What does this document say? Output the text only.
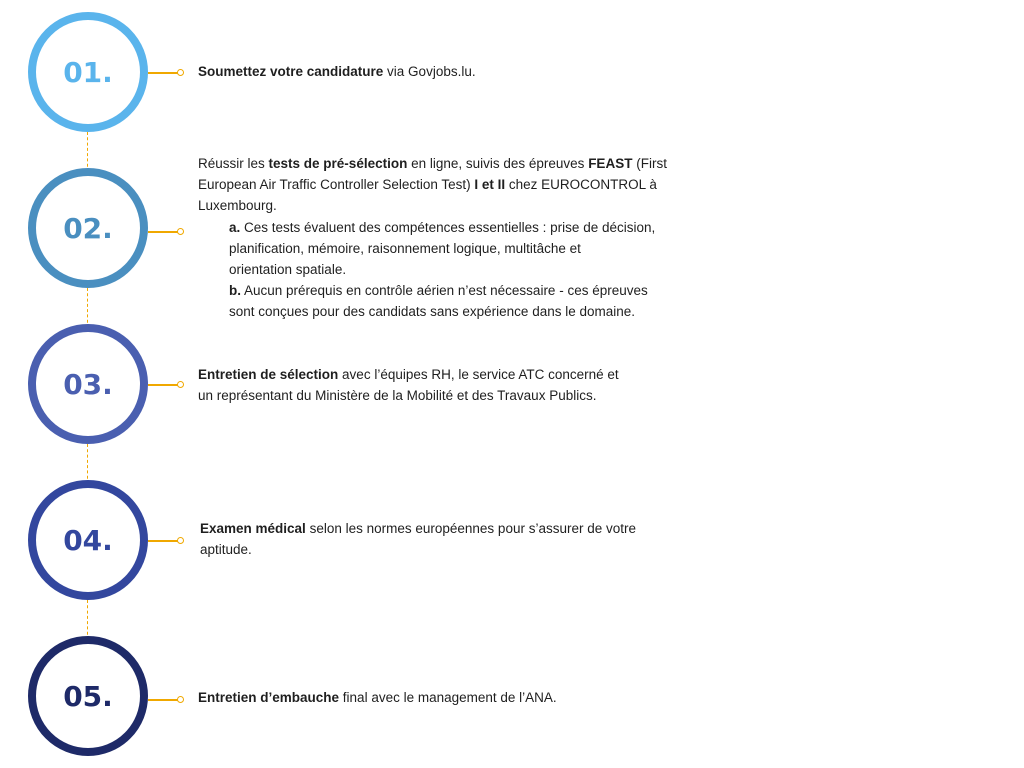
01.	Soumettez votre candidature via Govjobs.lu.
02.
Réussir les tests de pré-sélection en ligne, suivis des épreuves FEAST (First
European Air Traffic Controller Selection Test) I et II chez EUROCONTROL à
Luxembourg.
a. Ces tests évaluent des compétences essentielles : prise de décision,
planification, mémoire, raisonnement logique, multitâche et
orientation spatiale.
b. Aucun prérequis en contrôle aérien n’est nécessaire - ces épreuves
sont conçues pour des candidats sans expérience dans le domaine.
03.	Entretien de sélection avec l’équipes RH, le service ATC concerné et
un représentant du Ministère de la Mobilité et des Travaux Publics.
04.	Examen médical selon les normes européennes pour s’assurer de votre
aptitude.
05.	Entretien d’embauche final avec le management de l’ANA.
